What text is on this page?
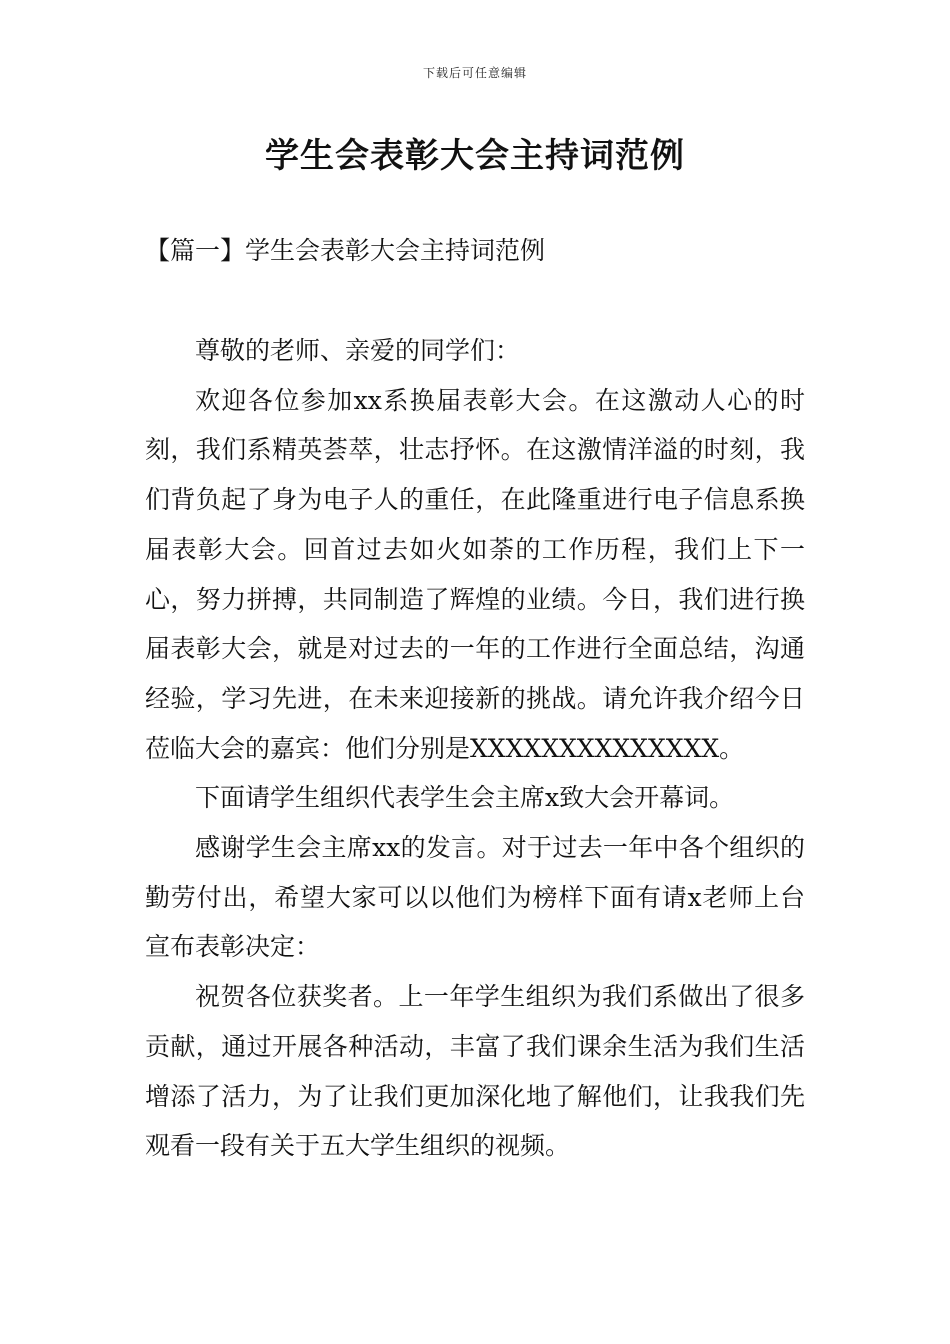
下载后可任意编辑
学生会表彰大会主持词范例
【篇一】学生会表彰大会主持词范例

尊敬的老师、亲爱的同学们：

欢迎各位参加xx系换届表彰大会。在这激动人心的时刻，我们系精英荟萃，壮志抒怀。在这激情洋溢的时刻，我们背负起了身为电子人的重任，在此隆重进行电子信息系换届表彰大会。回首过去如火如荼的工作历程，我们上下一心，努力拼搏，共同制造了辉煌的业绩。今日，我们进行换届表彰大会，就是对过去的一年的工作进行全面总结，沟通经验，学习先进，在未来迎接新的挑战。请允许我介绍今日莅临大会的嘉宾：他们分别是XXXXXXXXXXXXXX。

下面请学生组织代表学生会主席x致大会开幕词。

感谢学生会主席xx的发言。对于过去一年中各个组织的勤劳付出，希望大家可以以他们为榜样下面有请x老师上台宣布表彰决定：

祝贺各位获奖者。上一年学生组织为我们系做出了很多贡献，通过开展各种活动，丰富了我们课余生活为我们生活增添了活力，为了让我们更加深化地了解他们，让我我们先观看一段有关于五大学生组织的视频。
